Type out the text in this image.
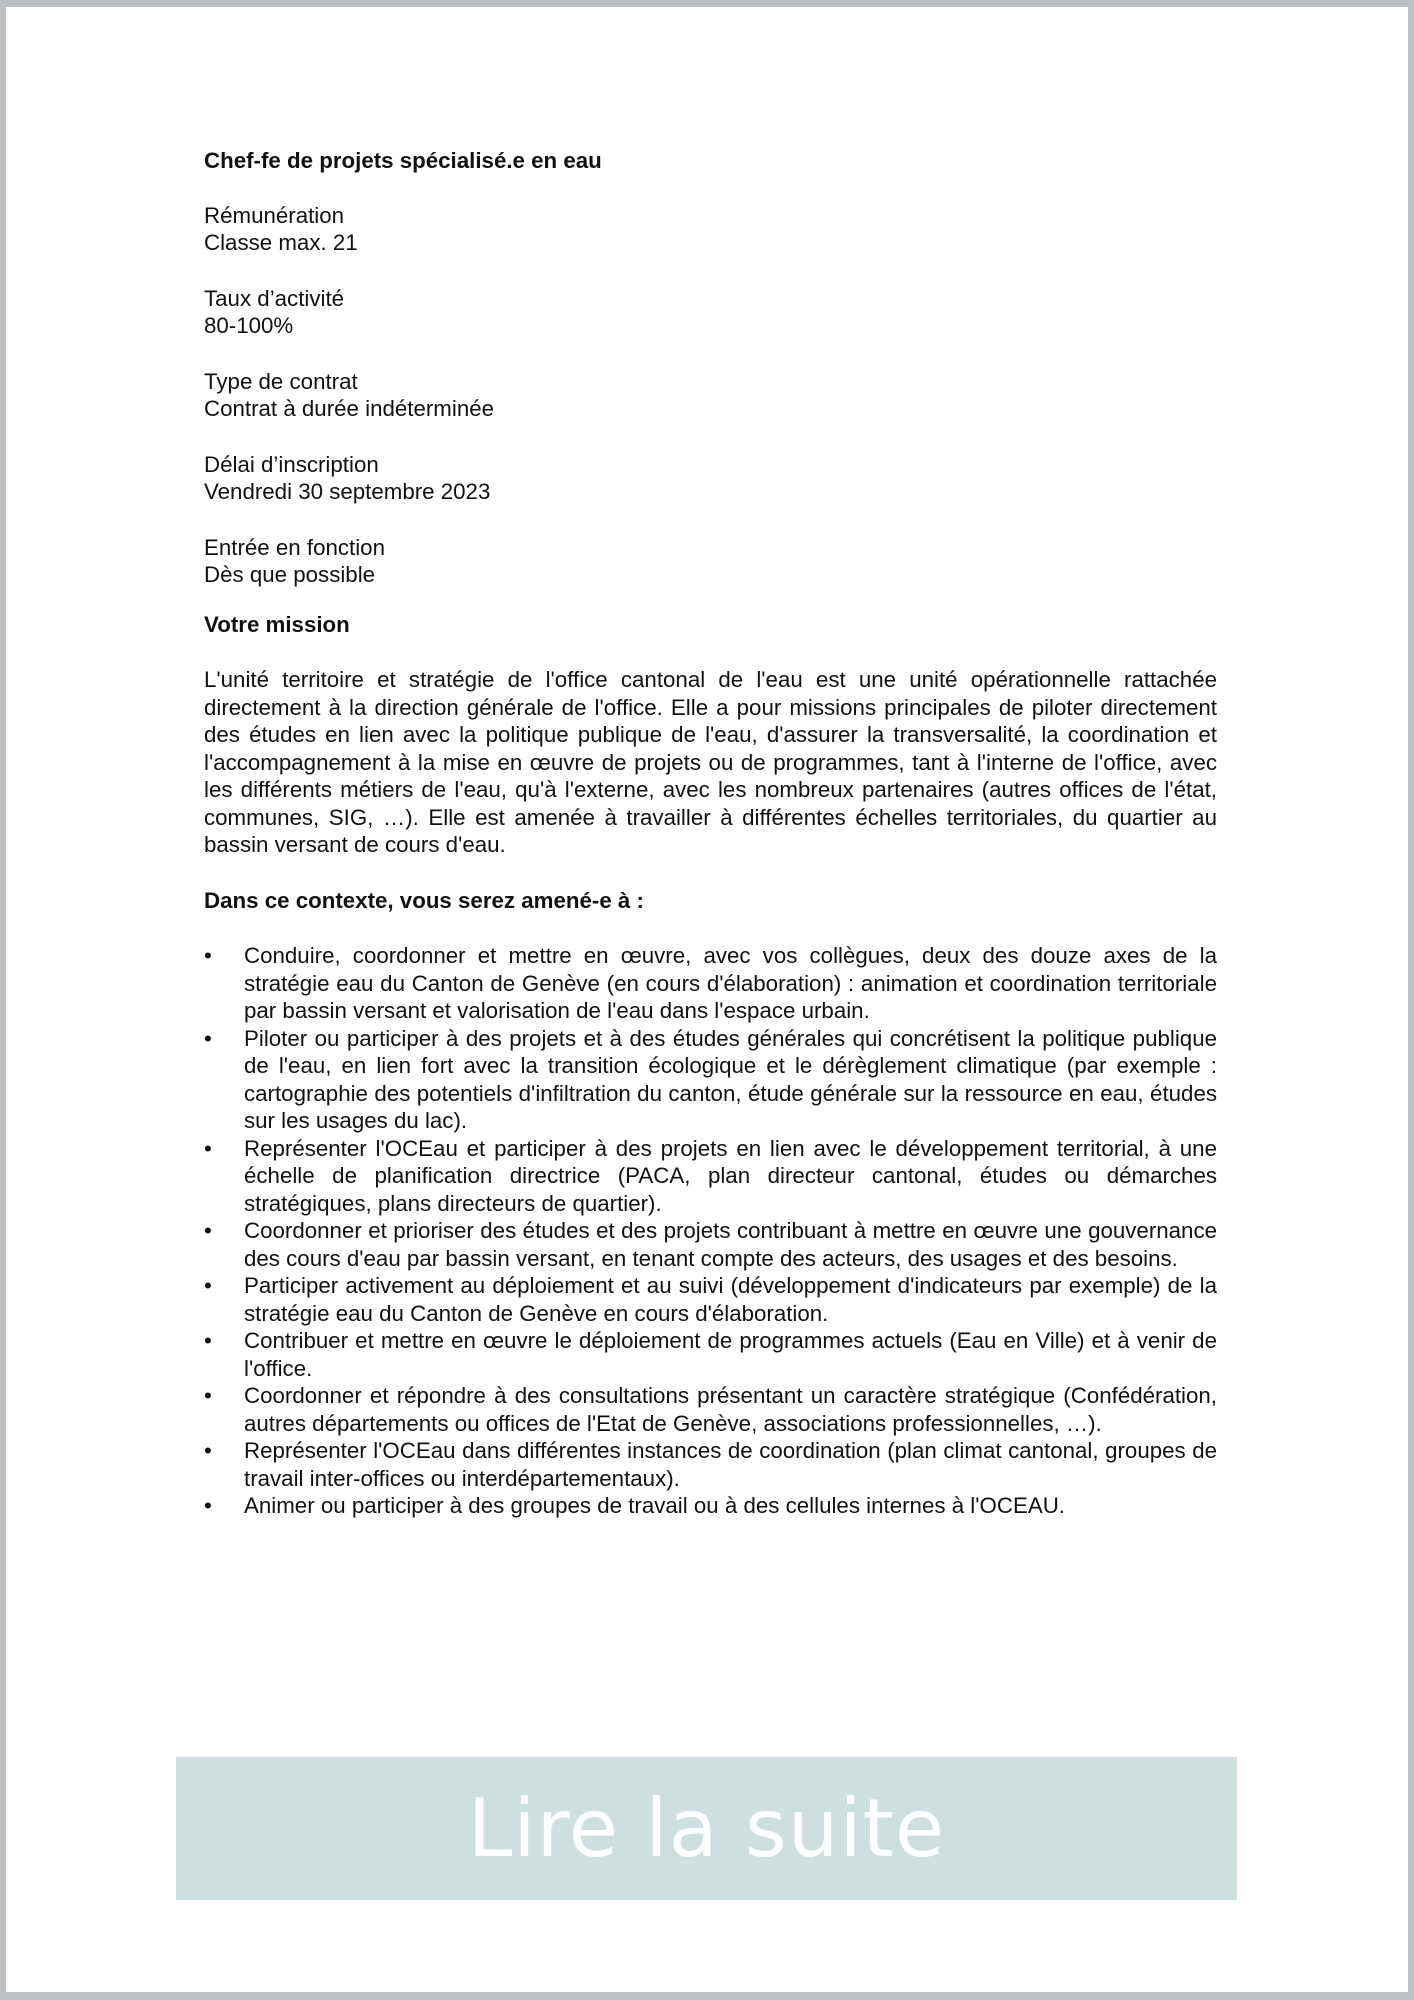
Chef-fe de projets spécialisé.e en eau

Rémunération
Classe max. 21
Taux d’activité
80-100%
Type de contrat
Contrat à durée indéterminée
Délai d’inscription
Vendredi 30 septembre 2023
Entrée en fonction
Dès que possible

Votre mission

L'unité territoire et stratégie de l'office cantonal de l'eau est une unité opérationnelle rattachée directement à la direction générale de l'office. Elle a pour missions principales de piloter directement des études en lien avec la politique publique de l'eau, d'assurer la transversalité, la coordination et l'accompagnement à la mise en œuvre de projets ou de programmes, tant à l'interne de l'office, avec les différents métiers de l'eau, qu'à l'externe, avec les nombreux partenaires (autres offices de l'état, communes, SIG, …). Elle est amenée à travailler à différentes échelles territoriales, du quartier au bassin versant de cours d'eau.

Dans ce contexte, vous serez amené-e à :

•	Conduire, coordonner et mettre en œuvre, avec vos collègues, deux des douze axes de la stratégie eau du Canton de Genève (en cours d'élaboration) : animation et coordination territoriale par bassin versant et valorisation de l'eau dans l'espace urbain.
•	Piloter ou participer à des projets et à des études générales qui concrétisent la politique publique de l'eau, en lien fort avec la transition écologique et le dérèglement climatique (par exemple : cartographie des potentiels d'infiltration du canton, étude générale sur la ressource en eau, études sur les usages du lac).
•	Représenter l'OCEau et participer à des projets en lien avec le développement territorial, à une échelle de planification directrice (PACA, plan directeur cantonal, études ou démarches stratégiques, plans directeurs de quartier).
•	Coordonner et prioriser des études et des projets contribuant à mettre en œuvre une gouvernance des cours d'eau par bassin versant, en tenant compte des acteurs, des usages et des besoins.
•	Participer activement au déploiement et au suivi (développement d'indicateurs par exemple) de la stratégie eau du Canton de Genève en cours d'élaboration.
•	Contribuer et mettre en œuvre le déploiement de programmes actuels (Eau en Ville) et à venir de l'office.
•	Coordonner et répondre à des consultations présentant un caractère stratégique (Confédération, autres départements ou offices de l'Etat de Genève, associations professionnelles, …).
•	Représenter l'OCEau dans différentes instances de coordination (plan climat cantonal, groupes de travail inter-offices ou interdépartementaux).
•	Animer ou participer à des groupes de travail ou à des cellules internes à l'OCEAU.
Lire la suite
